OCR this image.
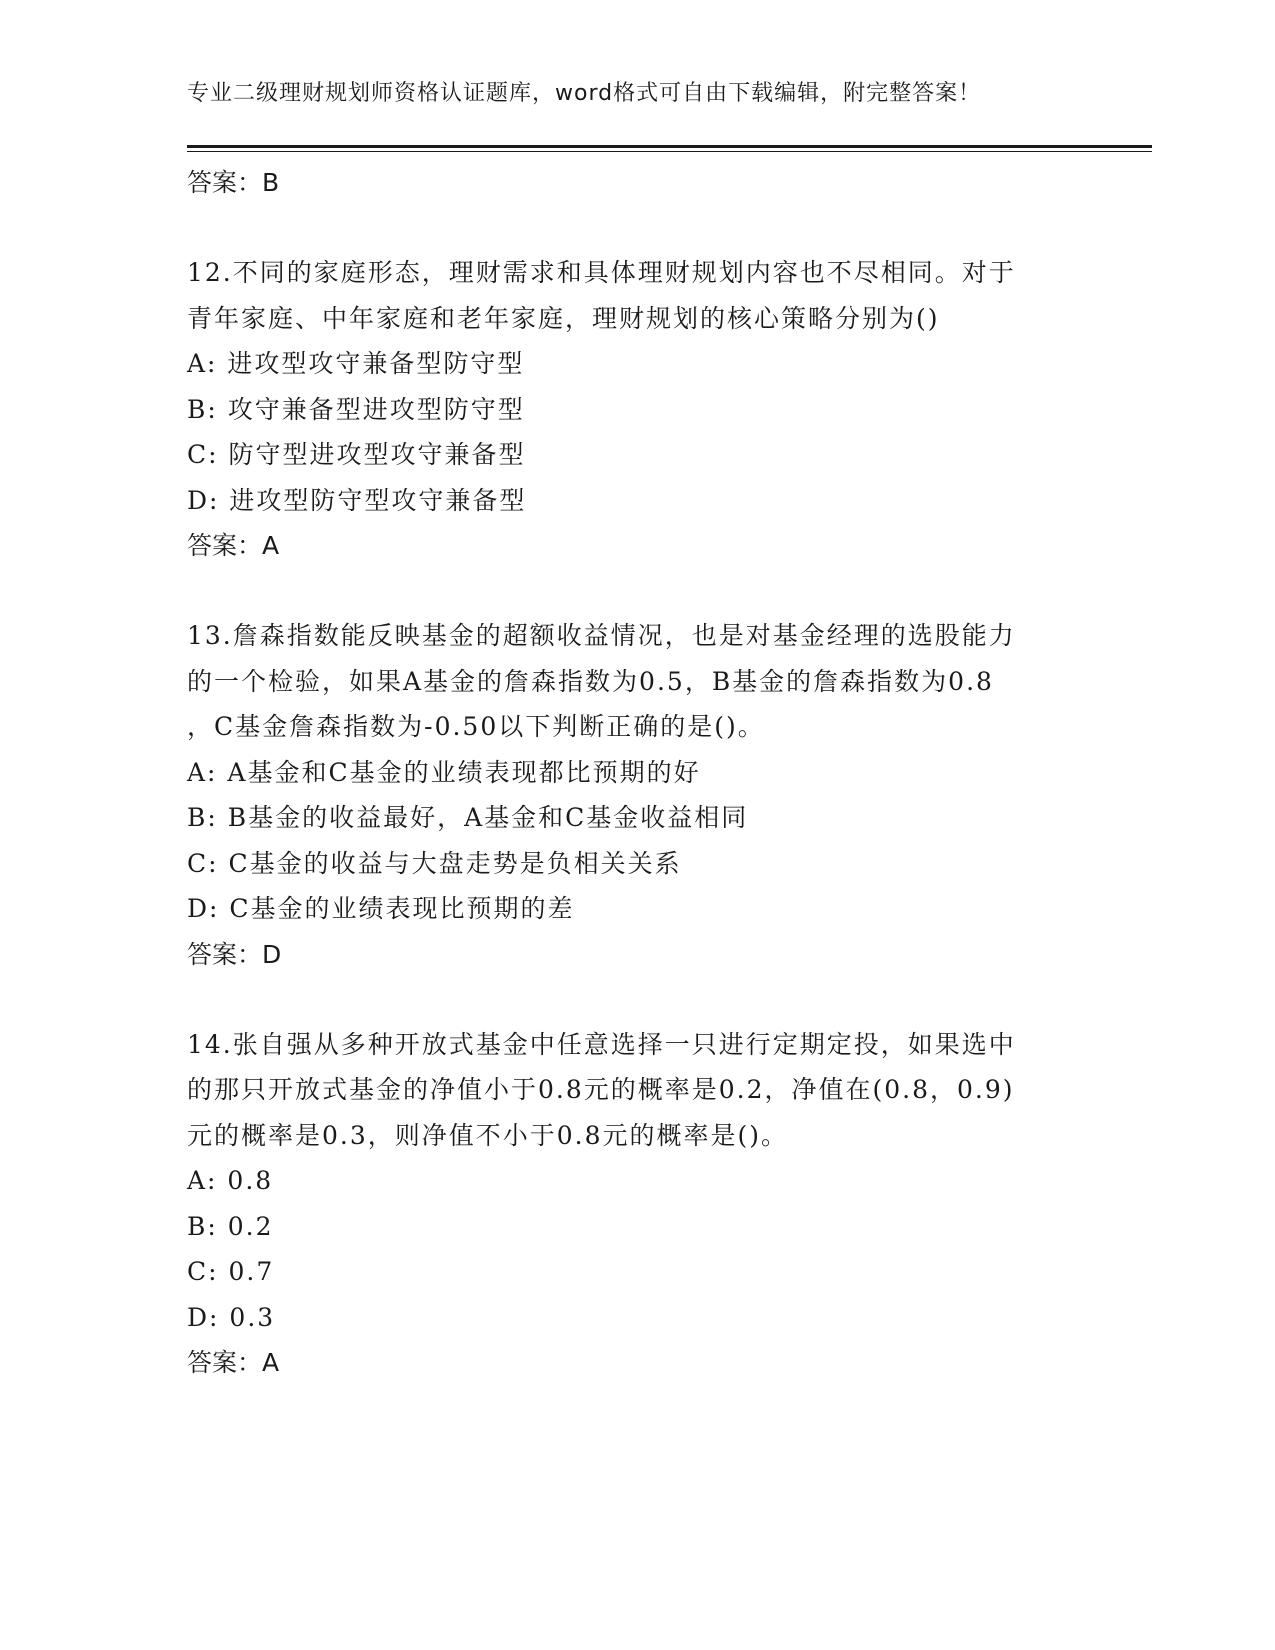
专业二级理财规划师资格认证题库，word格式可自由下载编辑，附完整答案！
答案：B
12.不同的家庭形态，理财需求和具体理财规划内容也不尽相同。对于
青年家庭、中年家庭和老年家庭，理财规划的核心策略分别为()
A: 进攻型攻守兼备型防守型
B: 攻守兼备型进攻型防守型
C: 防守型进攻型攻守兼备型
D: 进攻型防守型攻守兼备型
答案：A
13.詹森指数能反映基金的超额收益情况，也是对基金经理的选股能力
的一个检验，如果A基金的詹森指数为0.5，B基金的詹森指数为0.8
，C基金詹森指数为-0.50以下判断正确的是()。
A: A基金和C基金的业绩表现都比预期的好
B: B基金的收益最好，A基金和C基金收益相同
C: C基金的收益与大盘走势是负相关关系
D: C基金的业绩表现比预期的差
答案：D
14.张自强从多种开放式基金中任意选择一只进行定期定投，如果选中
的那只开放式基金的净值小于0.8元的概率是0.2，净值在(0.8，0.9)
元的概率是0.3，则净值不小于0.8元的概率是()。
A: 0.8
B: 0.2
C: 0.7
D: 0.3
答案：A
